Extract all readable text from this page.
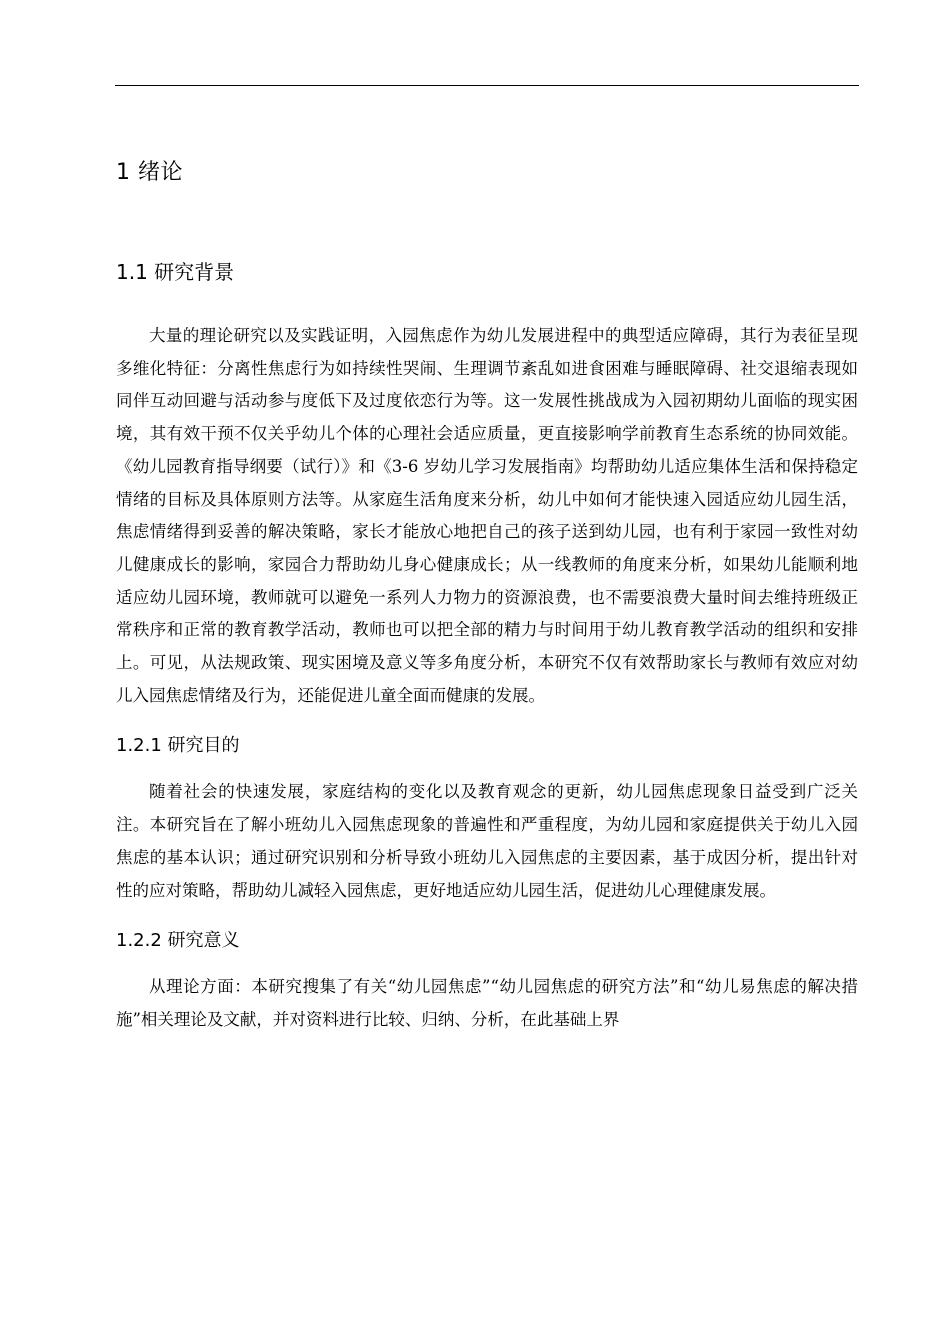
1 绪论
1.1 研究背景

大量的理论研究以及实践证明，入园焦虑作为幼儿发展进程中的典型适应障碍，其行为表征呈现多维化特征：分离性焦虑行为如持续性哭闹、生理调节紊乱如进食困难与睡眠障碍、社交退缩表现如同伴互动回避与活动参与度低下及过度依恋行为等。这一发展性挑战成为入园初期幼儿面临的现实困境，其有效干预不仅关乎幼儿个体的心理社会适应质量，更直接影响学前教育生态系统的协同效能。《幼儿园教育指导纲要（试行）》和《3-6 岁幼儿学习发展指南》均帮助幼儿适应集体生活和保持稳定情绪的目标及具体原则方法等。从家庭生活角度来分析，幼儿中如何才能快速入园适应幼儿园生活，焦虑情绪得到妥善的解决策略，家长才能放心地把自己的孩子送到幼儿园，也有利于家园一致性对幼儿健康成长的影响，家园合力帮助幼儿身心健康成长；从一线教师的角度来分析，如果幼儿能顺利地适应幼儿园环境，教师就可以避免一系列人力物力的资源浪费，也不需要浪费大量时间去维持班级正常秩序和正常的教育教学活动，教师也可以把全部的精力与时间用于幼儿教育教学活动的组织和安排上。可见，从法规政策、现实困境及意义等多角度分析，本研究不仅有效帮助家长与教师有效应对幼儿入园焦虑情绪及行为，还能促进儿童全面而健康的发展。

1.2.1 研究目的

随着社会的快速发展，家庭结构的变化以及教育观念的更新，幼儿园焦虑现象日益受到广泛关注。本研究旨在了解小班幼儿入园焦虑现象的普遍性和严重程度，为幼儿园和家庭提供关于幼儿入园焦虑的基本认识；通过研究识别和分析导致小班幼儿入园焦虑的主要因素，基于成因分析，提出针对性的应对策略，帮助幼儿减轻入园焦虑，更好地适应幼儿园生活，促进幼儿心理健康发展。

1.2.2 研究意义

从理论方面：本研究搜集了有关“幼儿园焦虑”“幼儿园焦虑的研究方法”和“幼儿易焦虑的解决措施”相关理论及文献，并对资料进行比较、归纳、分析，在此基础上界
